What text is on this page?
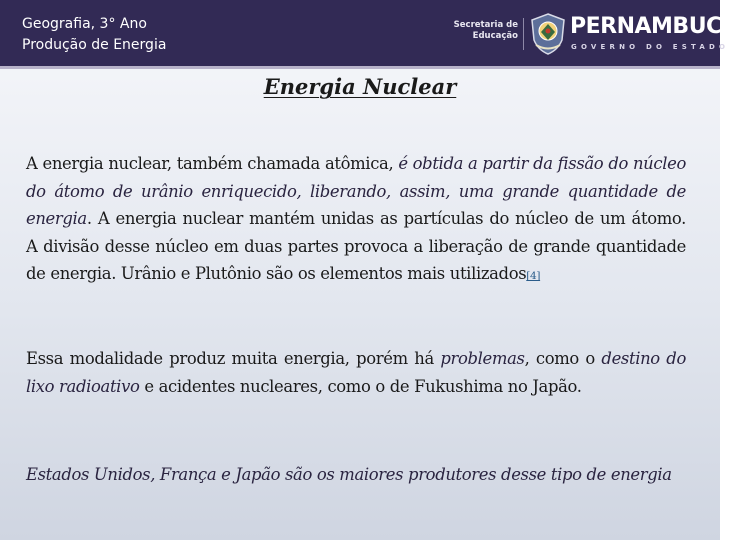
Geografia, 3° Ano
Produção de Energia
Secretaria de
Educação PERNAMBUCO
GOVERNO DO ESTADO
Energia Nuclear
A energia nuclear, também chamada atômica, é obtida a partir da fissão do núcleo do átomo de urânio enriquecido, liberando, assim, uma grande quantidade de energia. A energia nuclear mantém unidas as partículas do núcleo de um átomo. A divisão desse núcleo em duas partes provoca a liberação de grande quantidade de energia. Urânio e Plutônio são os elementos mais utilizados[4]
Essa modalidade produz muita energia, porém há problemas, como o destino do lixo radioativo e acidentes nucleares, como o de Fukushima no Japão.
Estados Unidos, França e Japão são os maiores produtores desse tipo de energia
